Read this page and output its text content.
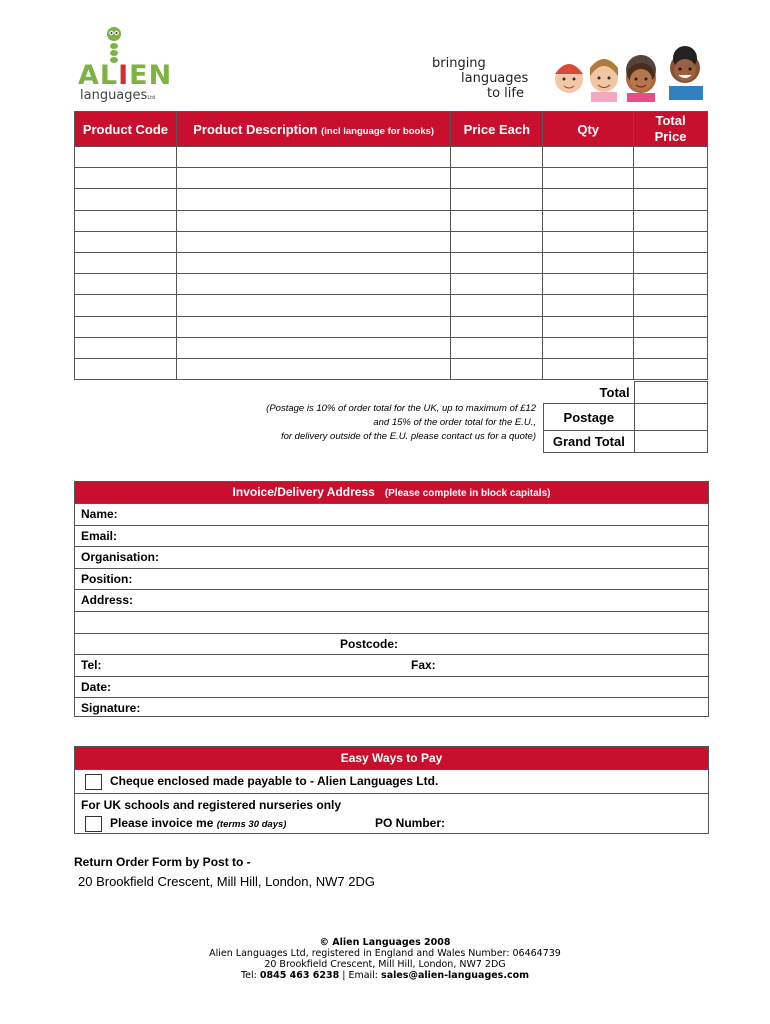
ALIEN
languagesLtd
bringing
languages
to life
Product Code	Product Description (incl language for books)	Price Each	Qty	Total
Price

(Postage is 10% of order total for the UK, up to maximum of £12
and 15% of the order total for the E.U.,
for delivery outside of the E.U. please contact us for a quote)
Total	
Postage	
Grand Total	
Invoice/Delivery Address (Please complete in block capitals)
Name:
Email:
Organisation:
Position:
Address:
Postcode:
Tel:	Fax:
Date:
Signature:
Easy Ways to Pay
Cheque enclosed made payable to - Alien Languages Ltd.
For UK schools and registered nurseries only
Please invoice me (terms 30 days)	PO Number:
Return Order Form by Post to -
20 Brookfield Crescent, Mill Hill, London, NW7 2DG
© Alien Languages 2008
Alien Languages Ltd, registered in England and Wales Number: 06464739
20 Brookfield Crescent, Mill Hill, London, NW7 2DG
Tel: 0845 463 6238 | Email: sales@alien-languages.com
